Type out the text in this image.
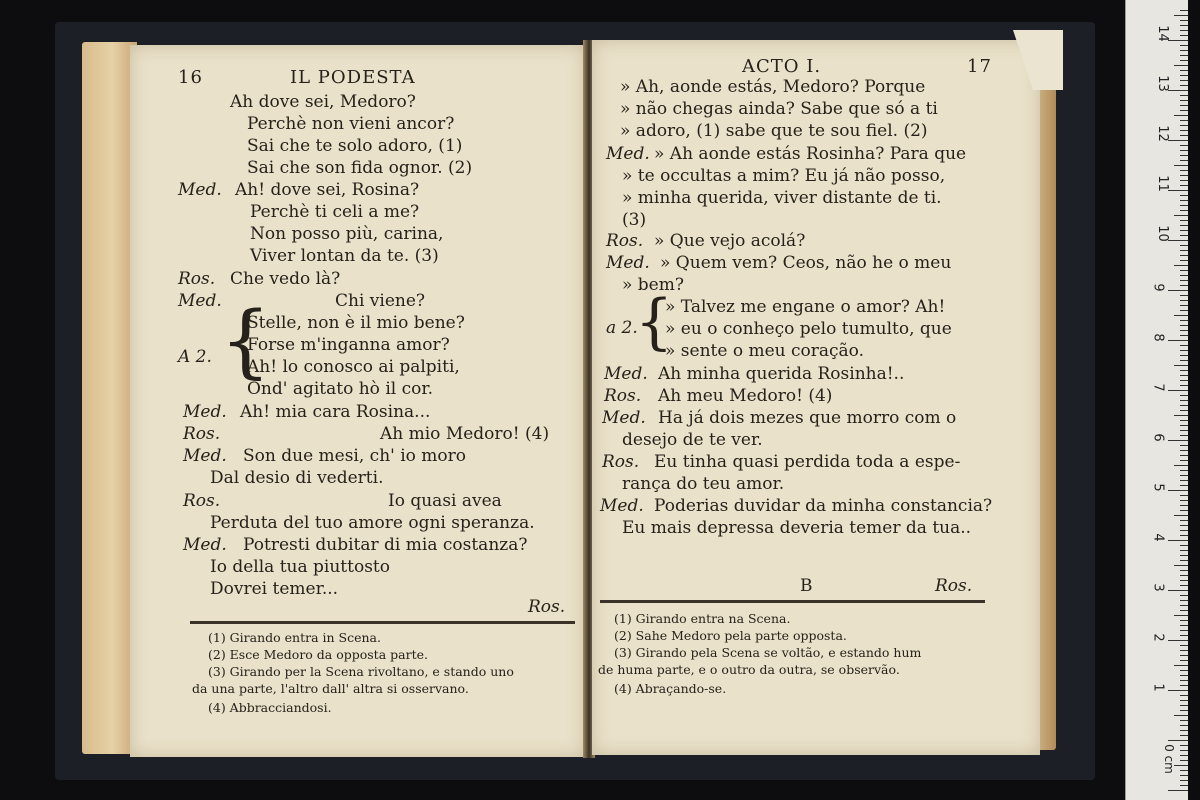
16	IL PODESTA
Ah dove sei, Medoro?
Perchè non vieni ancor?
Sai che te solo adoro, (1)
Sai che son fida ognor. (2)
Med. Ah! dove sei, Rosina?
Perchè ti celi a me?
Non posso più, carina,
Viver lontan da te. (3)
Ros. Che vedo là?
Med.	Chi viene?
A 2. {
Stelle, non è il mio bene?
Forse m'inganna amor?
Ah! lo conosco ai palpiti,
Ond' agitato hò il cor.
Med. Ah! mia cara Rosina...
Ros.	Ah mio Medoro! (4)
Med. Son due mesi, ch' io moro
Dal desio di vederti.
Ros.	Io quasi avea
Perduta del tuo amore ogni speranza.
Med. Potresti dubitar di mia costanza?
Io della tua piuttosto
Dovrei temer...
Ros.
(1) Girando entra in Scena.
(2) Esce Medoro da opposta parte.
(3) Girando per la Scena rivoltano, e stando uno
da una parte, l'altro dall' altra si osservano.
(4) Abbracciandosi.
ACTO I.	17
» Ah, aonde estás, Medoro? Porque
» não chegas ainda? Sabe que só a ti
» adoro, (1) sabe que te sou fiel. (2)
Med. » Ah aonde estás Rosinha? Para que
» te occultas a mim? Eu já não posso,
» minha querida, viver distante de ti.
(3)
Ros. » Que vejo acolá?
Med. » Quem vem? Ceos, não he o meu
» bem?
a 2.
{
» Talvez me engane o amor? Ah!
» eu o conheço pelo tumulto, que
» sente o meu coração.
Med. Ah minha querida Rosinha!..
Ros. Ah meu Medoro! (4)
Med. Ha já dois mezes que morro com o
desejo de te ver.
Ros. Eu tinha quasi perdida toda a espe-
rança do teu amor.
Med. Poderias duvidar da minha constancia?
Eu mais depressa deveria temer da tua..
B	Ros.
(1) Girando entra na Scena.
(2) Sahe Medoro pela parte opposta.
(3) Girando pela Scena se voltão, e estando hum
de huma parte, e o outro da outra, se observão.
(4) Abraçando-se.	1
2
3
4
5
6
7
8
9
10
11
12
13
14
0 cm
